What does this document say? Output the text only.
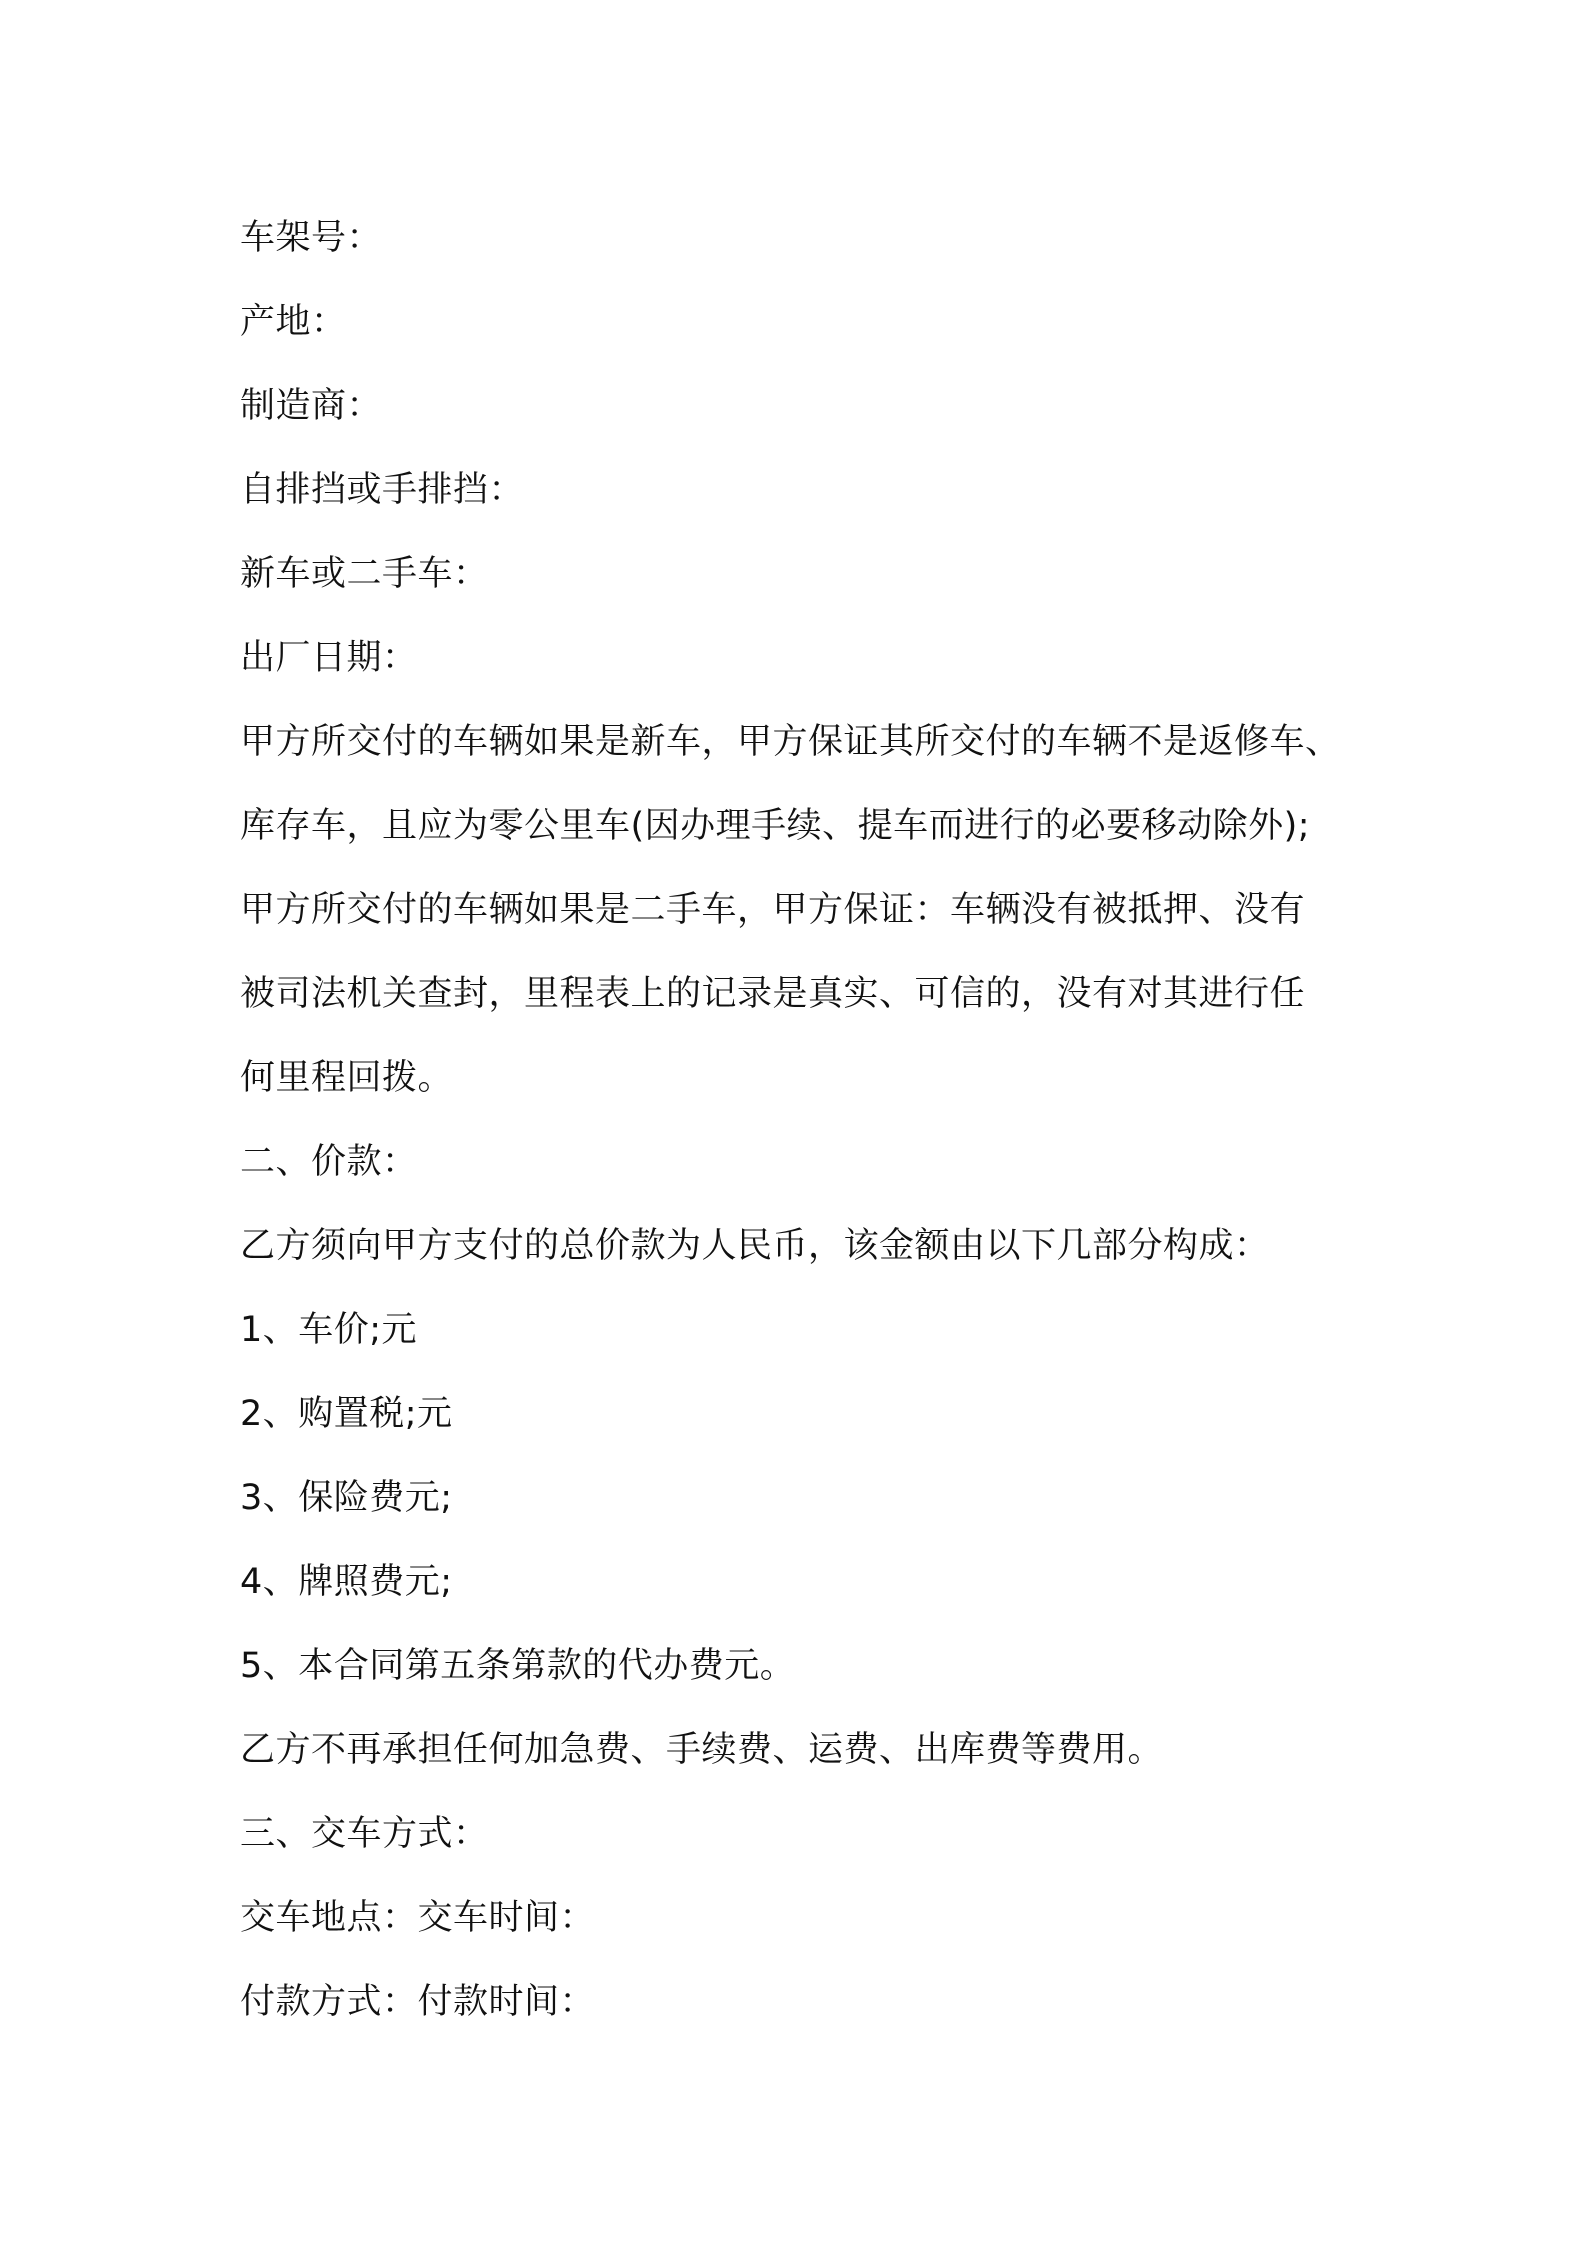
车架号：
产地：
制造商：
自排挡或手排挡：
新车或二手车：
出厂日期：
甲方所交付的车辆如果是新车，甲方保证其所交付的车辆不是返修车、
库存车，且应为零公里车(因办理手续、提车而进行的必要移动除外);
甲方所交付的车辆如果是二手车，甲方保证：车辆没有被抵押、没有
被司法机关查封，里程表上的记录是真实、可信的，没有对其进行任
何里程回拨。
二、价款：
乙方须向甲方支付的总价款为人民币，该金额由以下几部分构成：
1、车价;元
2、购置税;元
3、保险费元;
4、牌照费元;
5、本合同第五条第款的代办费元。
乙方不再承担任何加急费、手续费、运费、出库费等费用。
三、交车方式：
交车地点：交车时间：
付款方式：付款时间：
